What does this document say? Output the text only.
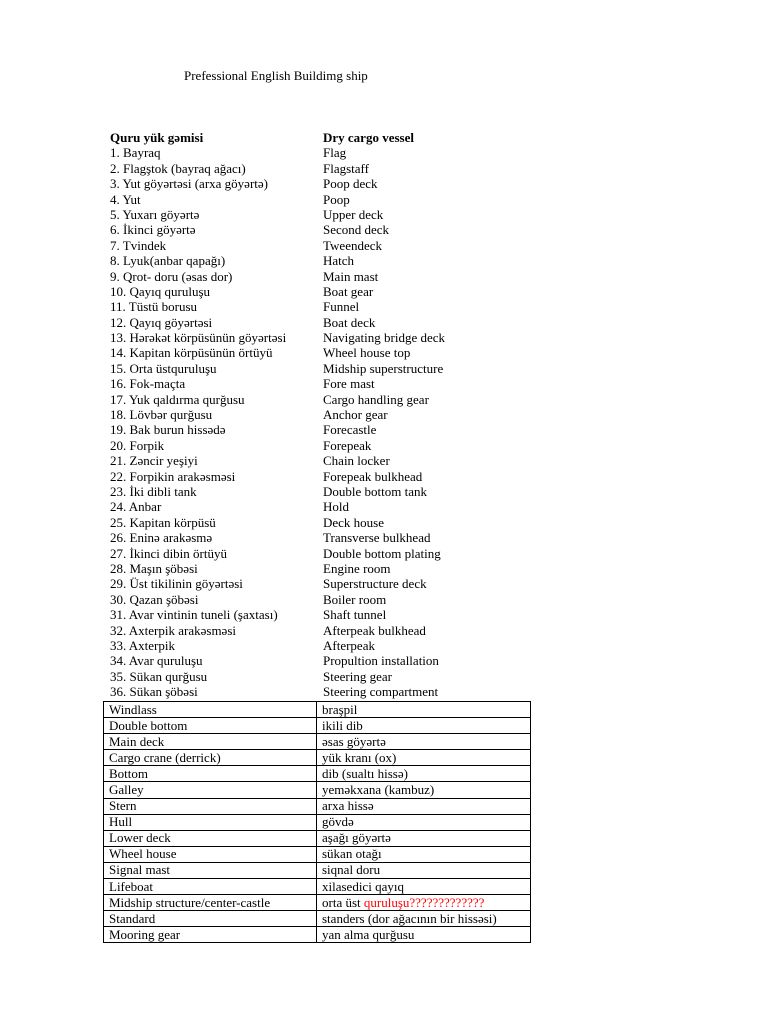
Prefessional English Buildimg ship
Quru yük gəmisi	Dry cargo vessel
1. Bayraq	Flag
2. Flagştok (bayraq ağacı)	Flagstaff
3. Yut göyərtəsi (arxa göyərtə)	Poop deck
4. Yut	Poop
5. Yuxarı göyərtə	Upper deck
6. İkinci göyərtə	Second deck
7. Tvindek	Tweendeck
8. Lyuk(anbar qapağı)	Hatch
9. Qrot- doru (əsas dor)	Main mast
10. Qayıq quruluşu	Boat gear
11. Tüstü borusu	Funnel
12. Qayıq göyərtəsi	Boat deck
13. Hərəkət körpüsünün göyərtəsi	Navigating bridge deck
14. Kapitan körpüsünün örtüyü	Wheel house top
15. Orta üstquruluşu	Midship superstructure
16. Fok-maçta	Fore mast
17. Yuk qaldırma qurğusu	Cargo handling gear
18. Lövbər qurğusu	Anchor gear
19. Bak burun hissədə	Forecastle
20. Forpik	Forepeak
21. Zəncir yeşiyi	Chain locker
22. Forpikin arakəsməsi	Forepeak bulkhead
23. İki dibli tank	Double bottom tank
24. Anbar	Hold
25. Kapitan körpüsü	Deck house
26. Eninə arakəsmə	Transverse bulkhead
27. İkinci dibin örtüyü	Double bottom plating
28. Maşın şöbəsi	Engine room
29. Üst tikilinin göyərtəsi	Superstructure deck
30. Qazan şöbəsi	Boiler room
31. Avar vintinin tuneli (şaxtası)	Shaft tunnel
32. Axterpik arakəsməsi	Afterpeak bulkhead
33. Axterpik	Afterpeak
34. Avar quruluşu	Propultion installation
35. Sükan qurğusu	Steering gear
36. Sükan şöbəsi	Steering compartment
Windlass	braşpil
Double bottom	ikili dib
Main deck	əsas göyərtə
Cargo crane (derrick)	yük kranı (ox)
Bottom	dib (sualtı hissə)
Galley	yeməkxana (kambuz)
Stern	arxa hissə
Hull	gövdə
Lower deck	aşağı göyərtə
Wheel house	sükan otağı
Signal mast	siqnal doru
Lifeboat	xilasedici qayıq
Midship structure/center-castle	orta üst quruluşu?????????????
Standard	standers (dor ağacının bir hissəsi)
Mooring gear	yan alma qurğusu
